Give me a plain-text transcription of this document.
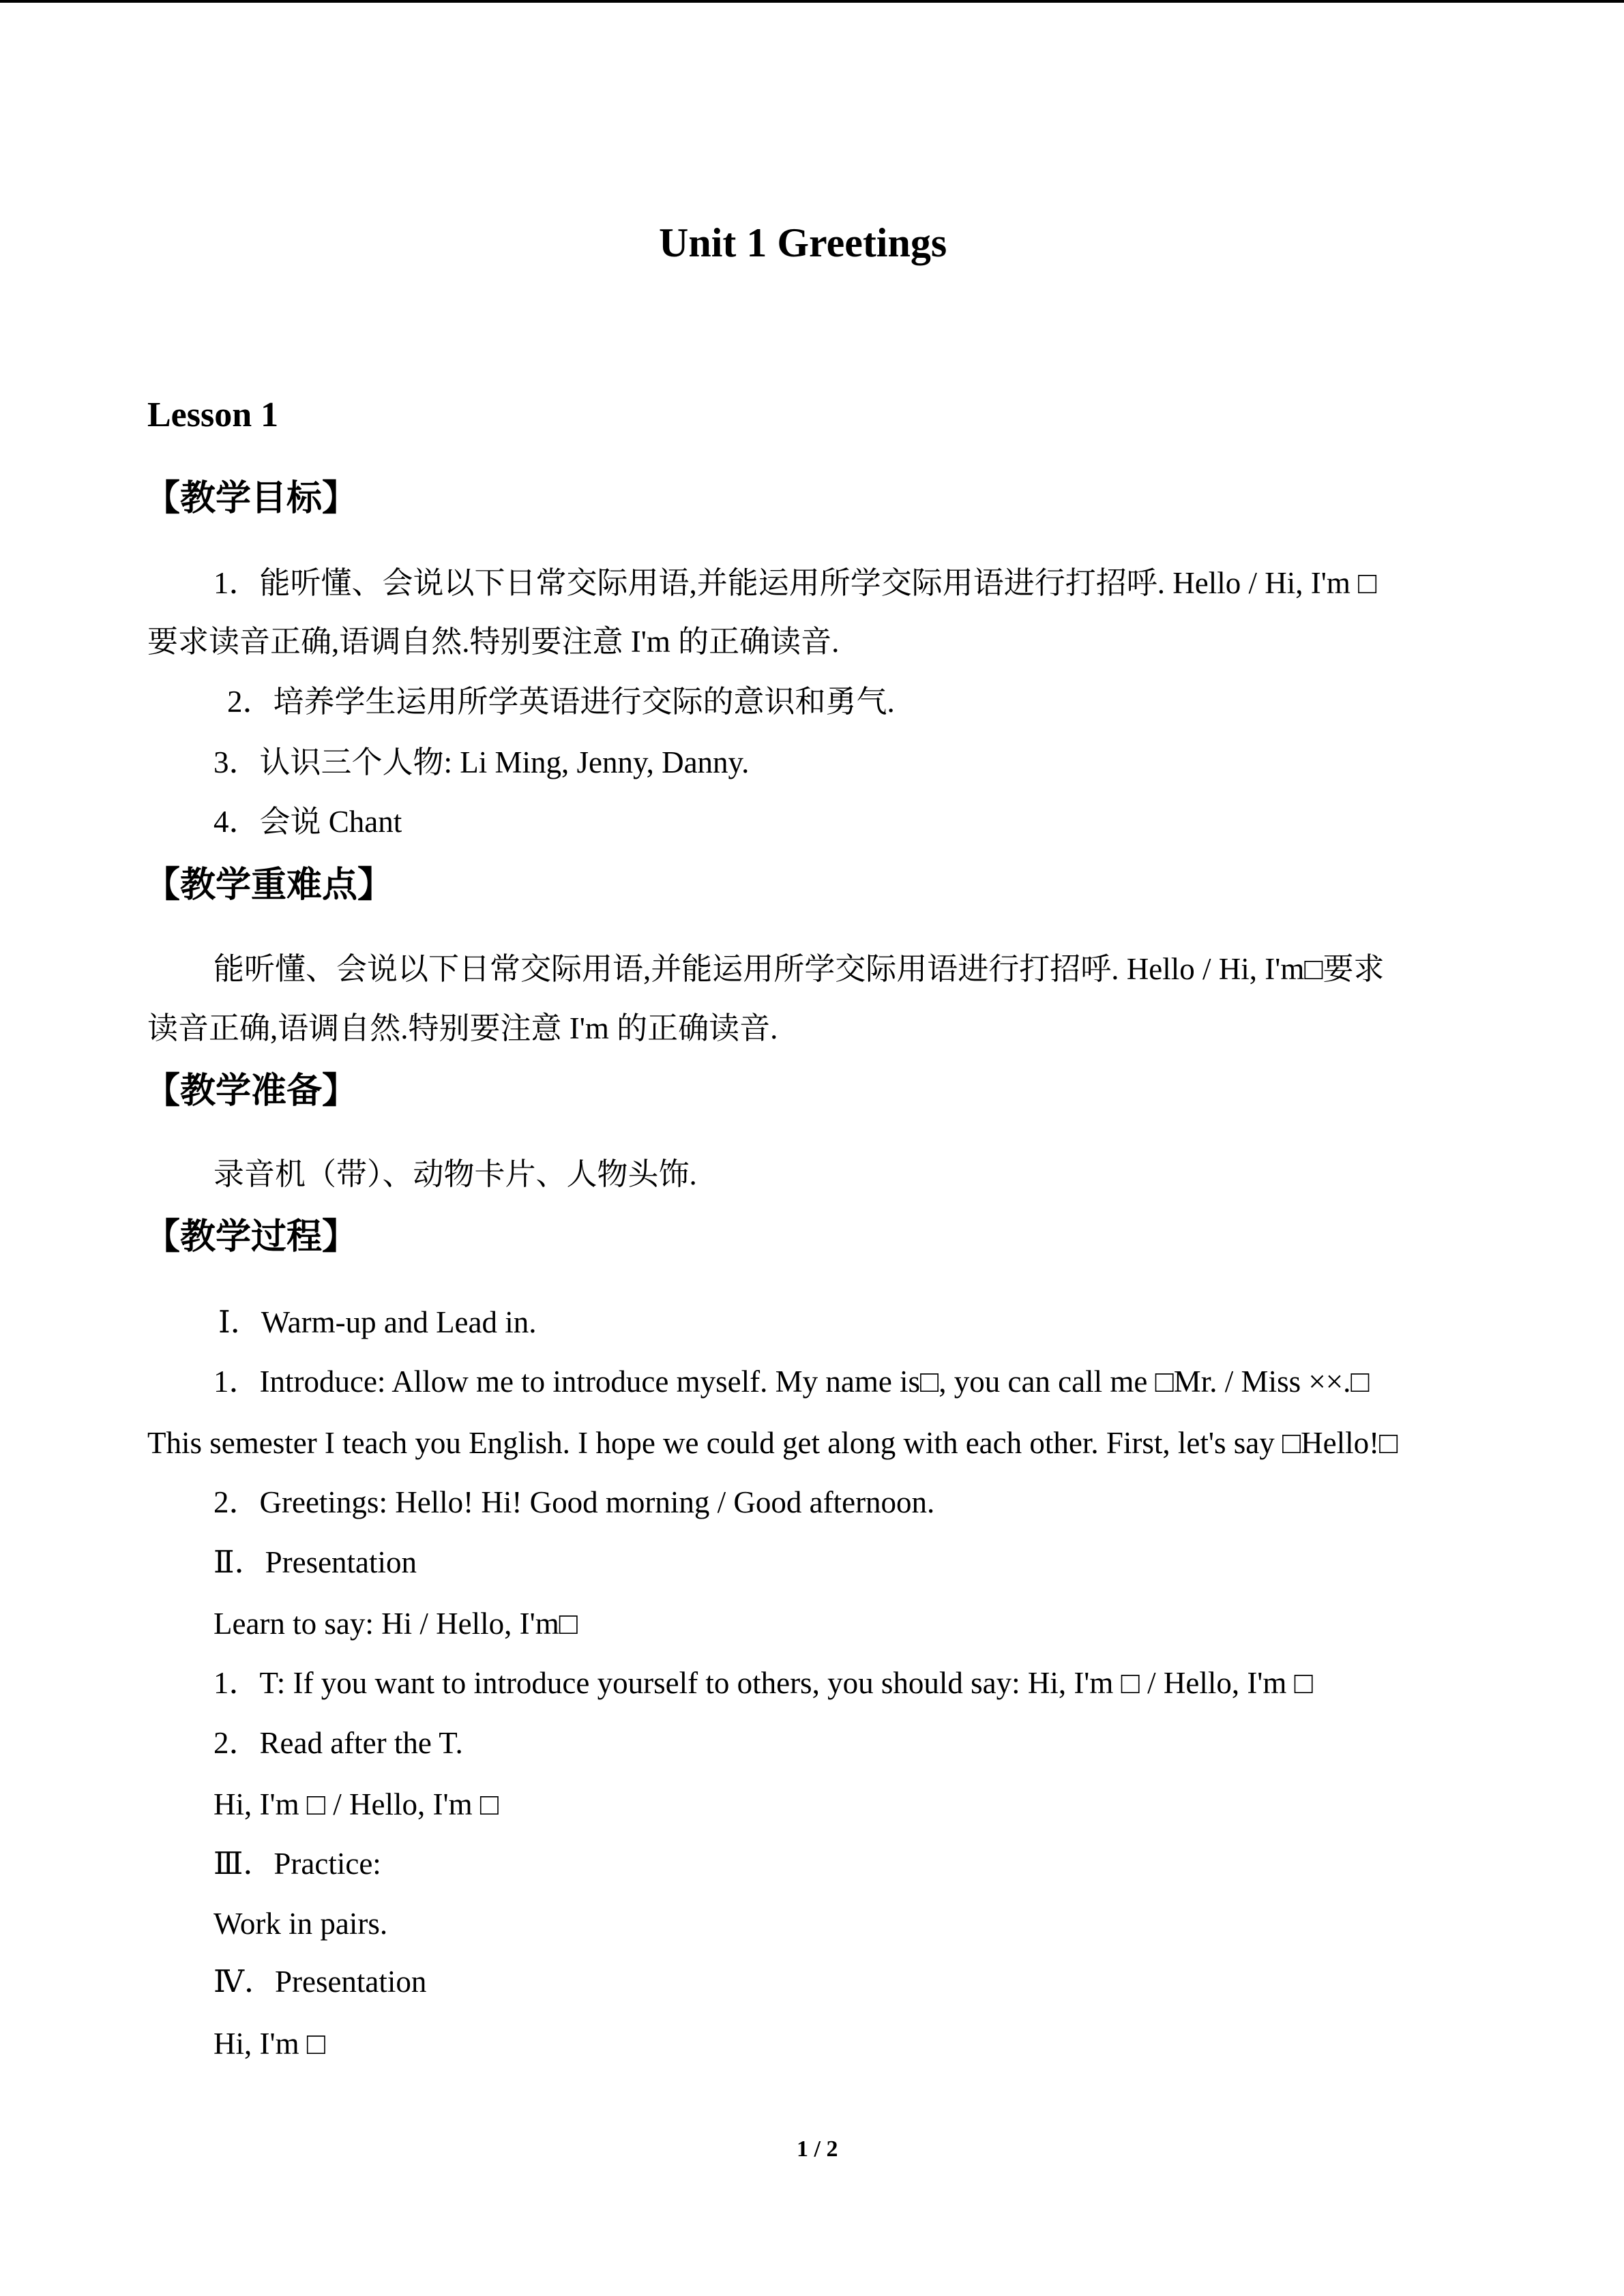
Unit 1 Greetings
Lesson 1
【教学目标】
1．能听懂、会说以下日常交际用语,并能运用所学交际用语进行打招呼. Hello / Hi, I'm □
要求读音正确,语调自然.特别要注意 I'm 的正确读音.
2．培养学生运用所学英语进行交际的意识和勇气.
3．认识三个人物: Li Ming, Jenny, Danny.
4．会说 Chant
【教学重难点】
能听懂、会说以下日常交际用语,并能运用所学交际用语进行打招呼. Hello / Hi, I'm□要求
读音正确,语调自然.特别要注意 I'm 的正确读音.
【教学准备】
录音机（带）、动物卡片、人物头饰.
【教学过程】
Ⅰ．Warm-up and Lead in.
1．Introduce: Allow me to introduce myself. My name is□, you can call me □Mr. / Miss ××.□
This semester I teach you English. I hope we could get along with each other. First, let's say □Hello!□
2．Greetings: Hello! Hi! Good morning / Good afternoon.
Ⅱ．Presentation
Learn to say: Hi / Hello, I'm□
1．T: If you want to introduce yourself to others, you should say: Hi, I'm □ / Hello, I'm □
2．Read after the T.
Hi, I'm □ / Hello, I'm □
Ⅲ．Practice:
Work in pairs.
Ⅳ．Presentation
Hi, I'm □
1 / 2
